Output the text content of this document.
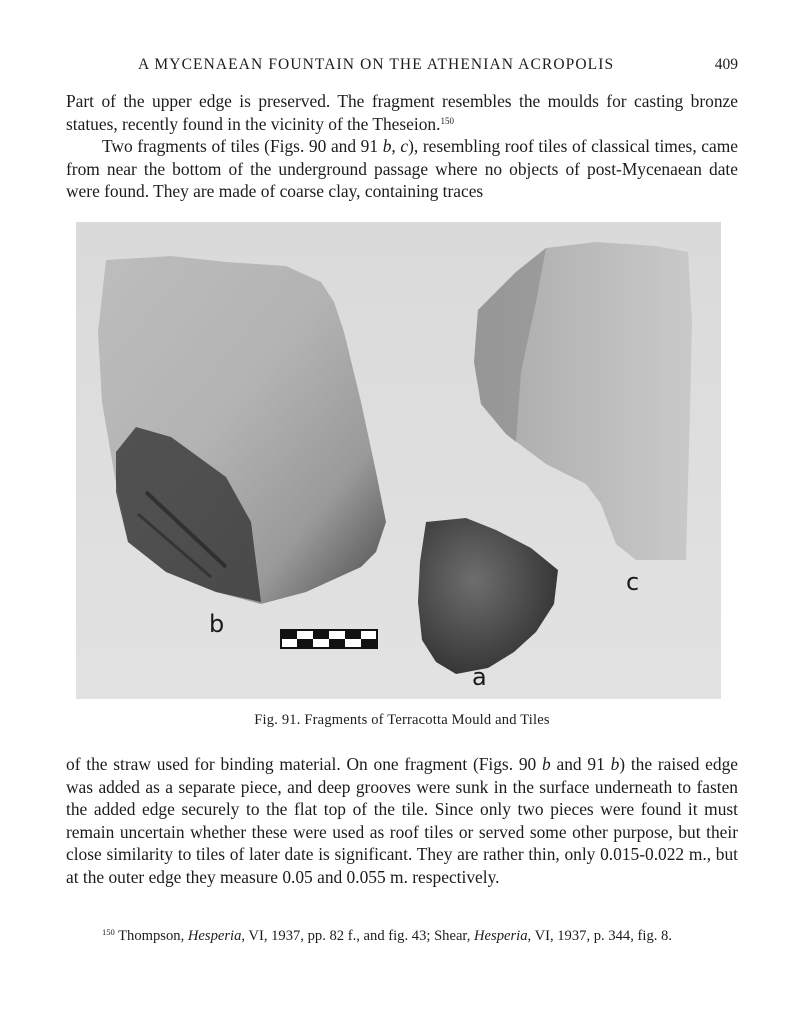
A MYCENAEAN FOUNTAIN ON THE ATHENIAN ACROPOLIS	409

Part of the upper edge is preserved. The fragment resembles the moulds for casting bronze statues, recently found in the vicinity of the Theseion.$^{150}$

Two fragments of tiles (Figs. 90 and 91 b, c), resembling roof tiles of classical times, came from near the bottom of the underground passage where no objects of post-Mycenaean date were found. They are made of coarse clay, containing traces

b
c
a
Fig. 91. Fragments of Terracotta Mould and Tiles

of the straw used for binding material. On one fragment (Figs. 90 b and 91 b) the raised edge was added as a separate piece, and deep grooves were sunk in the surface underneath to fasten the added edge securely to the flat top of the tile. Since only two pieces were found it must remain uncertain whether these were used as roof tiles or served some other purpose, but their close similarity to tiles of later date is significant. They are rather thin, only 0.015-0.022 m., but at the outer edge they measure 0.05 and 0.055 m. respectively.

$^{150}$ Thompson, Hesperia, VI, 1937, pp. 82 f., and fig. 43; Shear, Hesperia, VI, 1937, p. 344, fig. 8.
